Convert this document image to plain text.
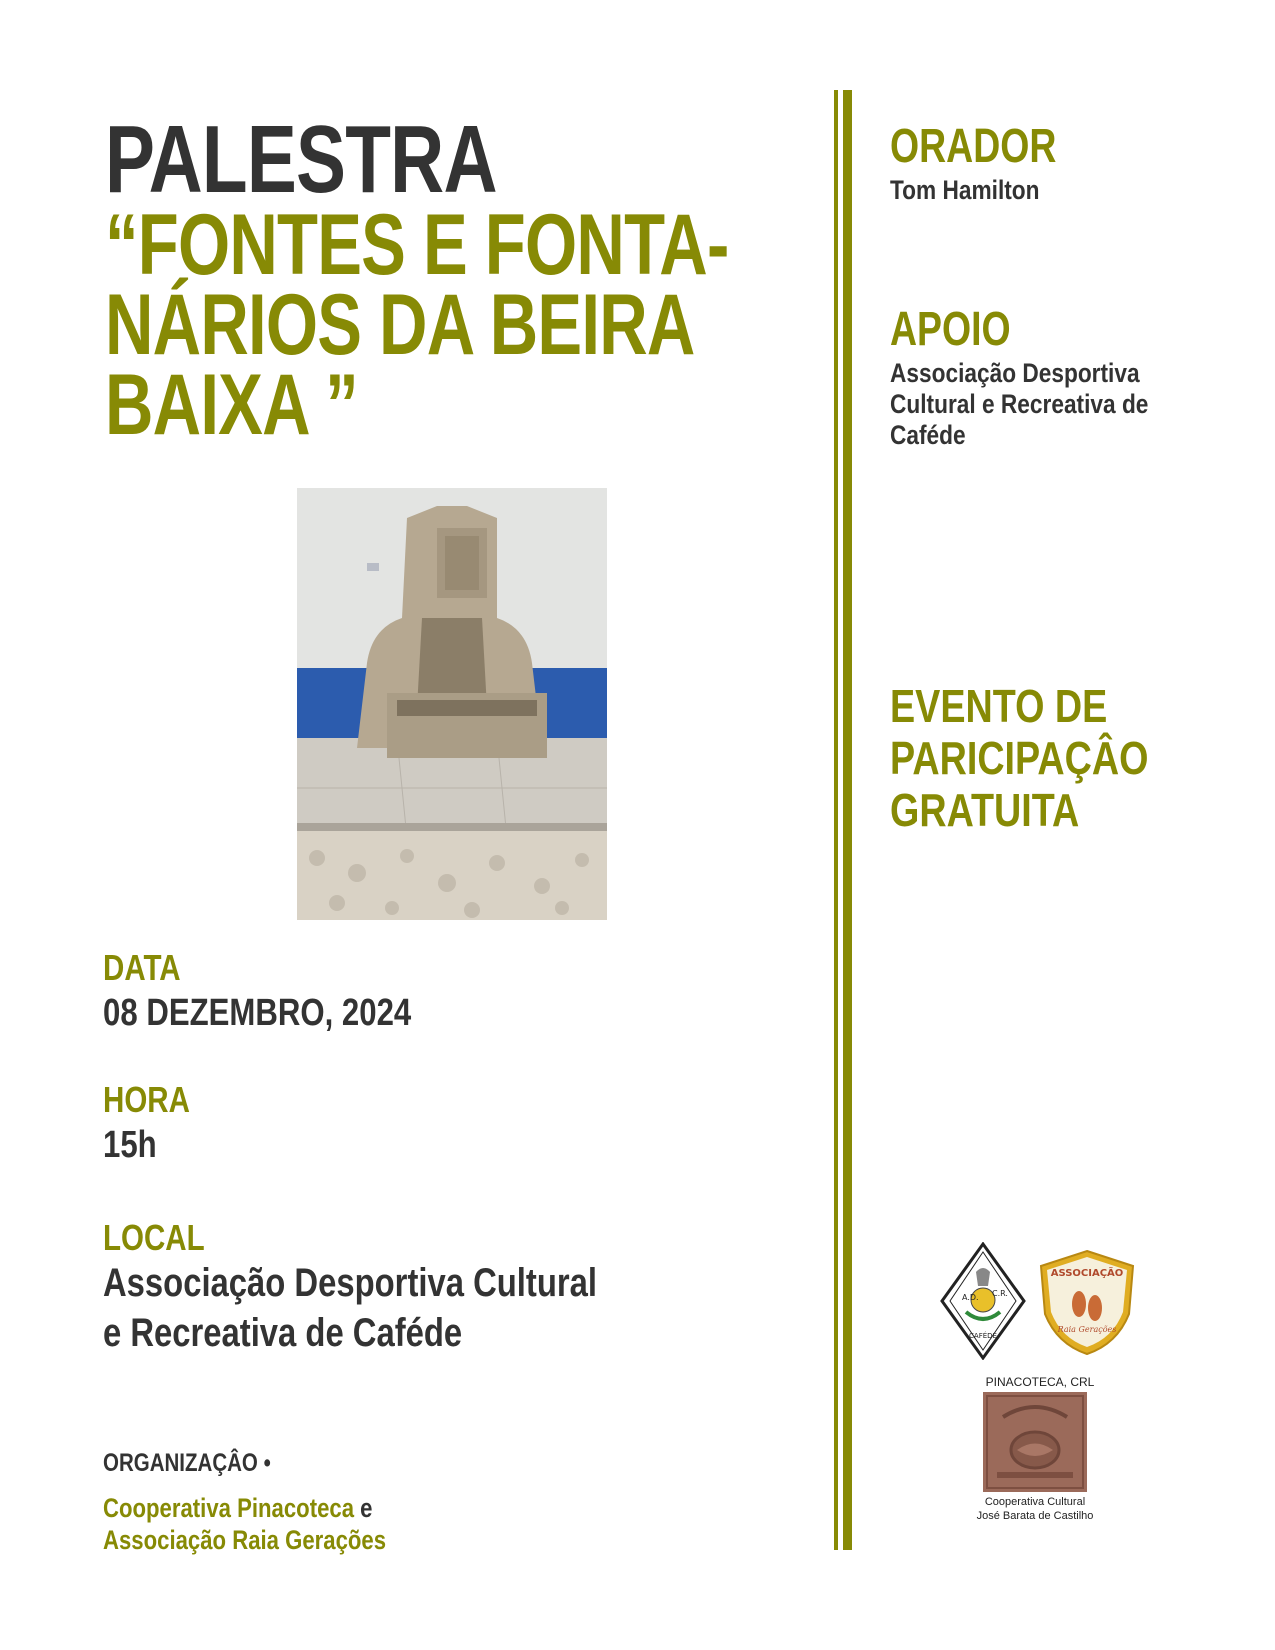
PALESTRA
“FONTES E FONTA-
NÁRIOS DA BEIRA
BAIXA ”
DATA
08 DEZEMBRO, 2024
HORA
15h
LOCAL
Associação Desportiva Cultural
e Recreativa de Caféde
ORGANIZAÇÂO •
Cooperativa Pinacoteca e
Associação Raia Gerações
ORADOR
Tom Hamilton
APOIO
Associação Desportiva
Cultural e Recreativa de
Caféde
EVENTO DE
PARICIPAÇÂO
GRATUITA
A.D. C.R.
CAFÉDE
ASSOCIAÇÃO
Raia Gerações
PINACOTECA, CRL
Cooperativa Cultural
José Barata de Castilho
